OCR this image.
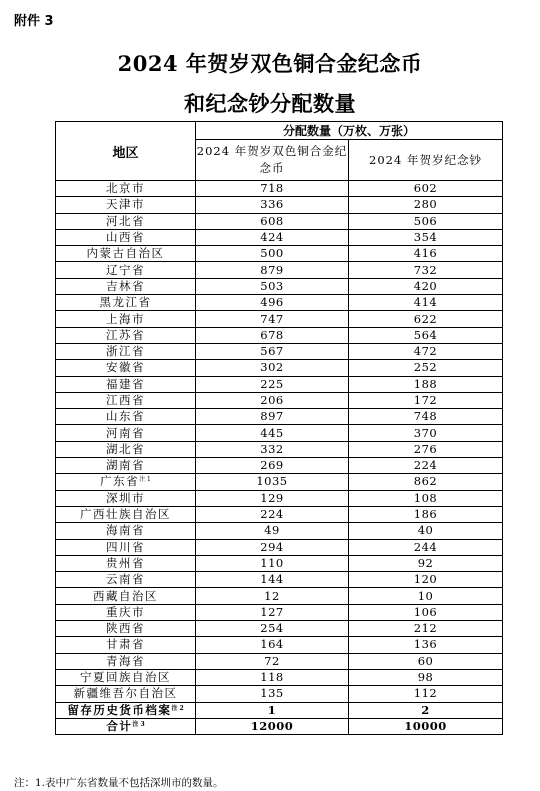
附件 3
2024 年贺岁双色铜合金纪念币
和纪念钞分配数量
地区	分配数量（万枚、万张）	
	2024 年贺岁双色铜合金纪念币	2024 年贺岁纪念钞
北京市	718	602
天津市	336	280
河北省	608	506
山西省	424	354
内蒙古自治区	500	416
辽宁省	879	732
吉林省	503	420
黑龙江省	496	414
上海市	747	622
江苏省	678	564
浙江省	567	472
安徽省	302	252
福建省	225	188
江西省	206	172
山东省	897	748
河南省	445	370
湖北省	332	276
湖南省	269	224
广东省$^{注 1}$	1035	862
深圳市	129	108
广西壮族自治区	224	186
海南省	49	40
四川省	294	244
贵州省	110	92
云南省	144	120
西藏自治区	12	10
重庆市	127	106
陕西省	254	212
甘肃省	164	136
青海省	72	60
宁夏回族自治区	118	98
新疆维吾尔自治区	135	112
留存历史货币档案$^{注 2}$	1	2
合计$^{注 3}$	12000	10000
注：1.表中广东省数量不包括深圳市的数量。
